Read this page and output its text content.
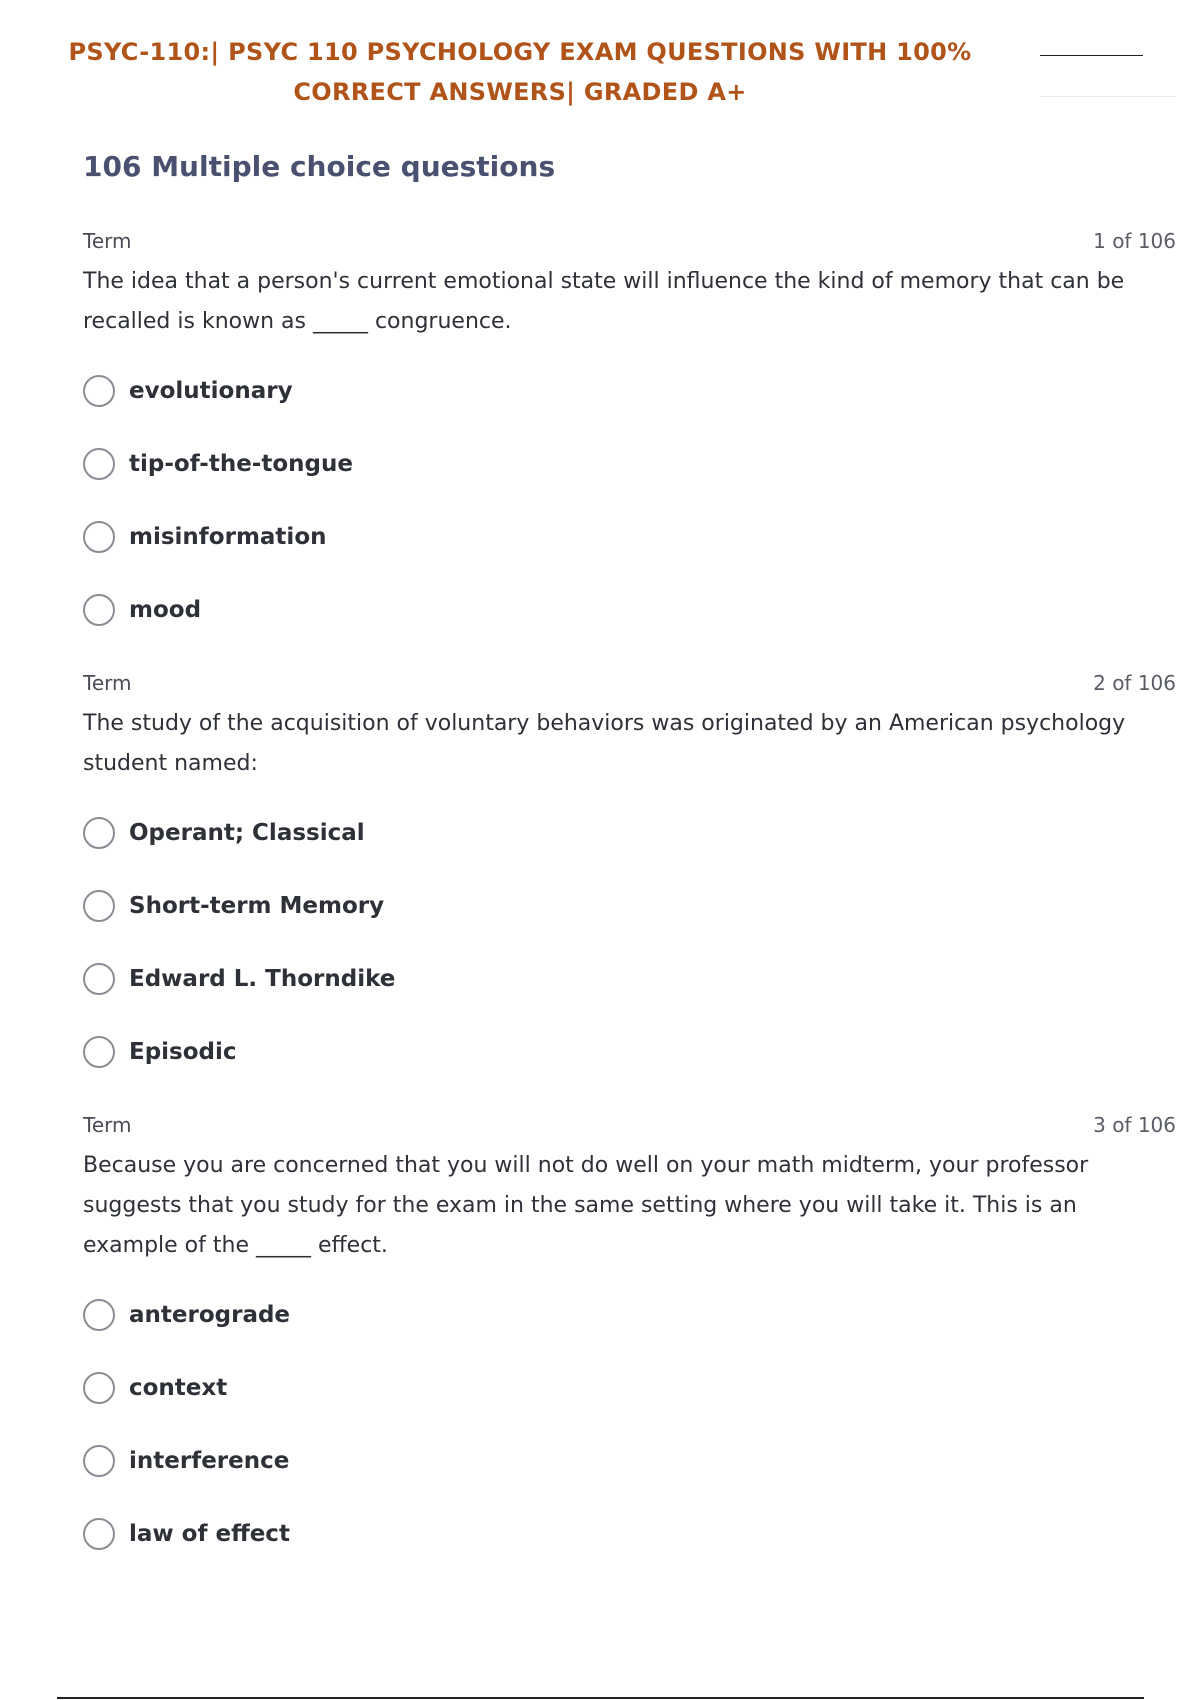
PSYC-110:| PSYC 110 PSYCHOLOGY EXAM QUESTIONS WITH 100%
CORRECT ANSWERS| GRADED A+
106 Multiple choice questions
Term	1 of 106
The idea that a person's current emotional state will influence the kind of memory that can be recalled is known as _____ congruence.
evolutionary
tip-of-the-tongue
misinformation
mood
Term	2 of 106
The study of the acquisition of voluntary behaviors was originated by an American psychology student named:
Operant; Classical
Short-term Memory
Edward L. Thorndike
Episodic
Term	3 of 106
Because you are concerned that you will not do well on your math midterm, your professor suggests that you study for the exam in the same setting where you will take it. This is an example of the _____ effect.
anterograde
context
interference
law of effect
